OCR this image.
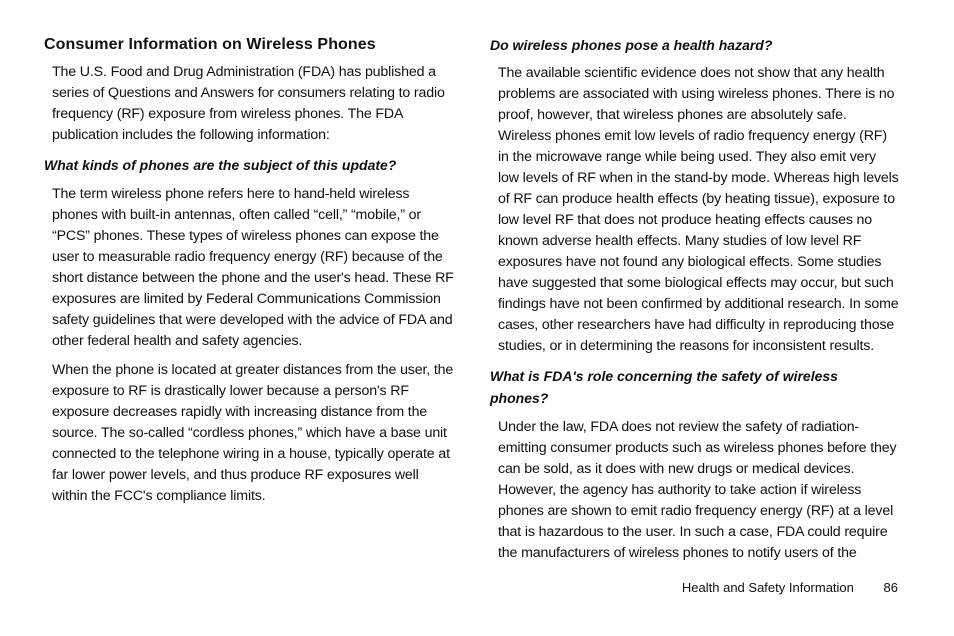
Consumer Information on Wireless Phones

The U.S. Food and Drug Administration (FDA) has published a series of Questions and Answers for consumers relating to radio frequency (RF) exposure from wireless phones. The FDA publication includes the following information:

What kinds of phones are the subject of this update?

The term wireless phone refers here to hand-held wireless phones with built-in antennas, often called “cell,” “mobile,” or “PCS” phones. These types of wireless phones can expose the user to measurable radio frequency energy (RF) because of the short distance between the phone and the user's head. These RF exposures are limited by Federal Communications Commission safety guidelines that were developed with the advice of FDA and other federal health and safety agencies.

When the phone is located at greater distances from the user, the exposure to RF is drastically lower because a person's RF exposure decreases rapidly with increasing distance from the source. The so-called “cordless phones,” which have a base unit connected to the telephone wiring in a house, typically operate at far lower power levels, and thus produce RF exposures well within the FCC's compliance limits.

Do wireless phones pose a health hazard?

The available scientific evidence does not show that any health problems are associated with using wireless phones. There is no proof, however, that wireless phones are absolutely safe. Wireless phones emit low levels of radio frequency energy (RF) in the microwave range while being used. They also emit very low levels of RF when in the stand-by mode. Whereas high levels of RF can produce health effects (by heating tissue), exposure to low level RF that does not produce heating effects causes no known adverse health effects. Many studies of low level RF exposures have not found any biological effects. Some studies have suggested that some biological effects may occur, but such findings have not been confirmed by additional research. In some cases, other researchers have had difficulty in reproducing those studies, or in determining the reasons for inconsistent results.

What is FDA's role concerning the safety of wireless phones?

Under the law, FDA does not review the safety of radiation-emitting consumer products such as wireless phones before they can be sold, as it does with new drugs or medical devices. However, the agency has authority to take action if wireless phones are shown to emit radio frequency energy (RF) at a level that is hazardous to the user. In such a case, FDA could require the manufacturers of wireless phones to notify users of the

Health and Safety Information 86
